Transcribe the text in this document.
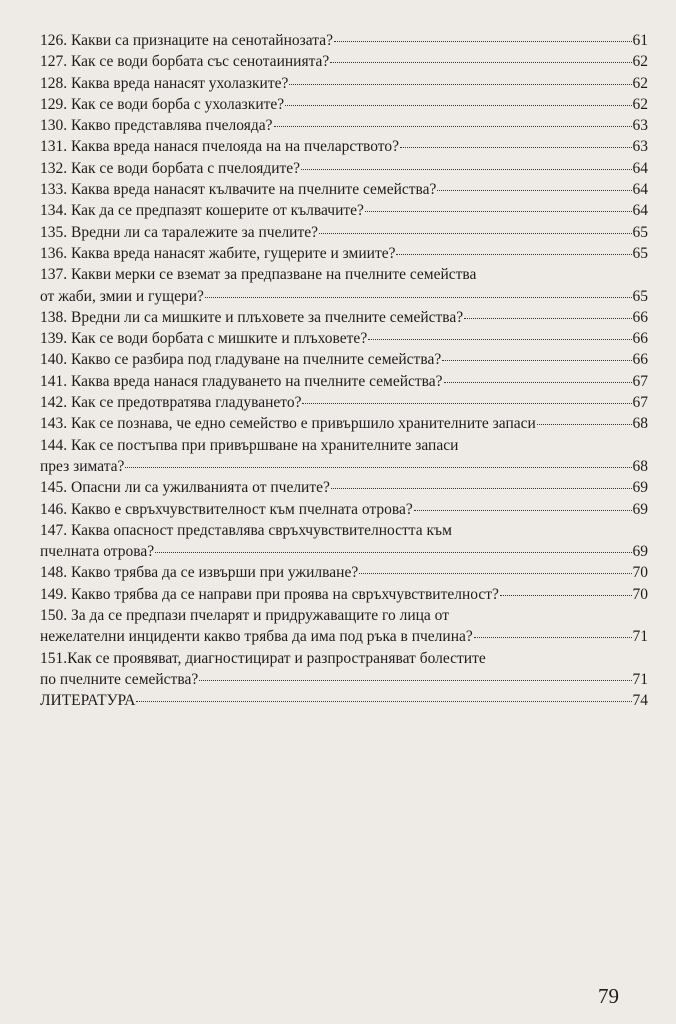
126. Какви са признаците на сенотайнозата?	61
127. Как се води борбата със сенотаинията?	62
128. Каква вреда нанасят ухолазките?	62
129. Как се води борба с ухолазките?	62
130. Какво представлява пчелояда?	63
131. Каква вреда нанася пчелояда на на пчеларството?	63
132. Как се води борбата с пчелоядите?	64
133. Каква вреда нанасят кълвачите на пчелните семейства?	64
134. Как да се предпазят кошерите от кълвачите?	64
135. Вредни ли са таралежите за пчелите?	65
136. Каква вреда нанасят жабите, гущерите и змиите?	65
137. Какви мерки се вземат за предпазване на пчелните семейства
от жаби, змии и гущери?	65
138. Вредни ли са мишките и плъховете за пчелните семейства?	66
139. Как се води борбата с мишките и плъховете?	66
140. Какво се разбира под гладуване на пчелните семейства?	66
141. Каква вреда нанася гладуването на пчелните семейства?	67
142. Как се предотвратява гладуването?	67
143. Как се познава, че едно семейство е привършило хранителните запаси	68
144. Как се постъпва при привършване на хранителните запаси
през зимата?	68
145. Опасни ли са ужилванията от пчелите?	69
146. Какво е свръхчувствителност към пчелната отрова?	69
147. Каква опасност представлява свръхчувствителността към
пчелната отрова?	69
148. Какво трябва да се извърши при ужилване?	70
149. Какво трябва да се направи при проява на свръхчувствителност?	70
150. За да се предпази пчеларят и придружаващите го лица от
нежелателни инциденти какво трябва да има под ръка в пчелина?	71
151.Как се проявяват, диагностицират и разпространяват болестите
по пчелните семейства?	71
ЛИТЕРАТУРА	74
79
